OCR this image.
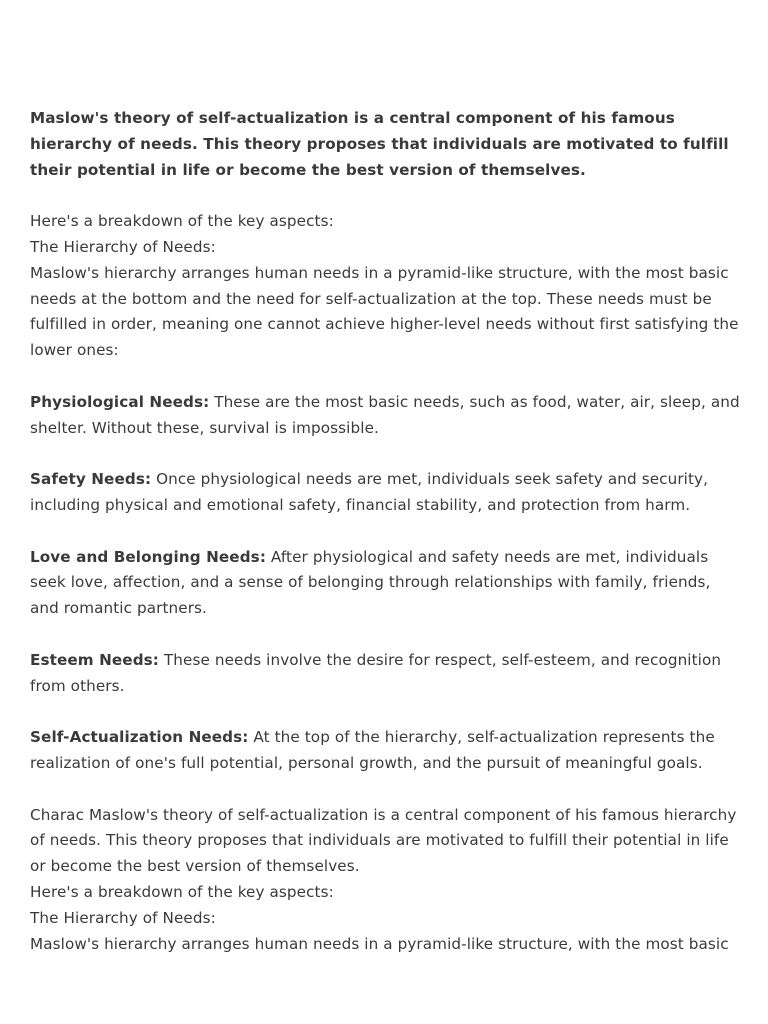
Maslow's theory of self-actualization is a central component of his famous hierarchy of needs. This theory proposes that individuals are motivated to fulfill their potential in life or become the best version of themselves.

Here's a breakdown of the key aspects:

The Hierarchy of Needs:

Maslow's hierarchy arranges human needs in a pyramid-like structure, with the most basic needs at the bottom and the need for self-actualization at the top. These needs must be fulfilled in order, meaning one cannot achieve higher-level needs without first satisfying the lower ones:

Physiological Needs: These are the most basic needs, such as food, water, air, sleep, and shelter. Without these, survival is impossible.

Safety Needs: Once physiological needs are met, individuals seek safety and security, including physical and emotional safety, financial stability, and protection from harm.

Love and Belonging Needs: After physiological and safety needs are met, individuals seek love, affection, and a sense of belonging through relationships with family, friends, and romantic partners.

Esteem Needs: These needs involve the desire for respect, self-esteem, and recognition from others.

Self-Actualization Needs: At the top of the hierarchy, self-actualization represents the realization of one's full potential, personal growth, and the pursuit of meaningful goals.

Charac Maslow's theory of self-actualization is a central component of his famous hierarchy of needs. This theory proposes that individuals are motivated to fulfill their potential in life or become the best version of themselves.

Here's a breakdown of the key aspects:

The Hierarchy of Needs:

Maslow's hierarchy arranges human needs in a pyramid-like structure, with the most basic
